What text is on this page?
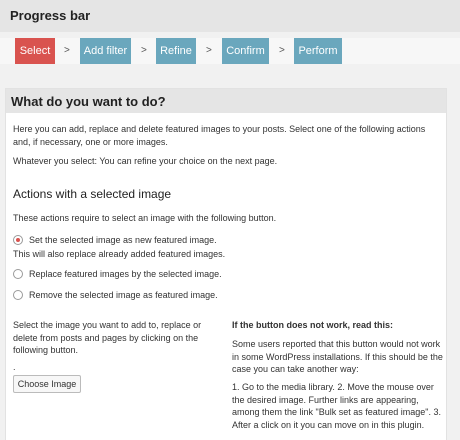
Progress bar
Select	>	Add filter	>	Refine	>	Confirm	>	Perform
What do you want to do?
Here you can add, replace and delete featured images to your posts. Select one of the following actions and, if necessary, one or more images.
Whatever you select: You can refine your choice on the next page.
Actions with a selected image
These actions require to select an image with the following button.
Set the selected image as new featured image.
This will also replace already added featured images.
Replace featured images by the selected image.
Remove the selected image as featured image.
Select the image you want to add to, replace or delete from posts and pages by clicking on the following button.
.
Choose Image
If the button does not work, read this:
Some users reported that this button would not work in some WordPress installations. If this should be the case you can take another way:
1. Go to the media library. 2. Move the mouse over the desired image. Further links are appearing, among them the link "Bulk set as featured image". 3. After a click on it you can move on in this plugin.
